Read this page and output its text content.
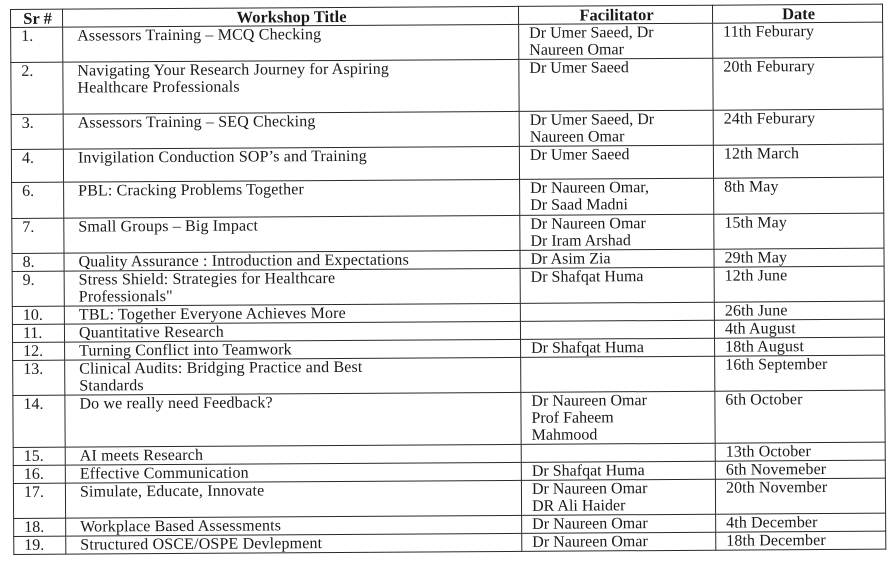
Sr #	Workshop Title	Facilitator	Date

1.	Assessors Training – MCQ Checking	Dr Umer Saeed, Dr
Naureen Omar	11th Feburary

2.	Navigating Your Research Journey for Aspiring
Healthcare Professionals	Dr Umer Saeed	20th Feburary

3.	Assessors Training – SEQ Checking	Dr Umer Saeed, Dr
Naureen Omar	24th Feburary

4.	Invigilation Conduction SOP’s and Training	Dr Umer Saeed	12th March

6.	PBL: Cracking Problems Together	Dr Naureen Omar,
Dr Saad Madni	8th May

7.	Small Groups – Big Impact	Dr Naureen Omar
Dr Iram Arshad	15th May

8.	Quality Assurance : Introduction and Expectations	Dr Asim Zia	29th May

9.	Stress Shield: Strategies for Healthcare
Professionals"	Dr Shafqat Huma	12th June

10.	TBL: Together Everyone Achieves More		26th June

11.	Quantitative Research		4th August

12.	Turning Conflict into Teamwork	Dr Shafqat Huma	18th August

13.	Clinical Audits: Bridging Practice and Best
Standards		16th September

14.	Do we really need Feedback?	Dr Naureen Omar
Prof Faheem
Mahmood	6th October

15.	AI meets Research		13th October

16.	Effective Communication	Dr Shafqat Huma	6th Novemeber

17.	Simulate, Educate, Innovate	Dr Naureen Omar
DR Ali Haider	20th November

18.	Workplace Based Assessments	Dr Naureen Omar	4th December

19.	Structured OSCE/OSPE Devlepment	Dr Naureen Omar	18th December
